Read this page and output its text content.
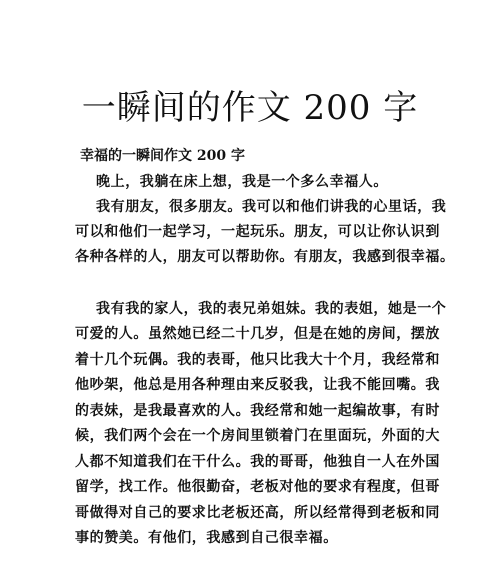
一瞬间的作文 200 字
幸福的一瞬间作文 200 字
晚上，我躺在床上想，我是一个多么幸福人。
我有朋友，很多朋友。我可以和他们讲我的心里话，我
可以和他们一起学习，一起玩乐。朋友，可以让你认识到
各种各样的人，朋友可以帮助你。有朋友，我感到很幸福。
我有我的家人，我的表兄弟姐妹。我的表姐，她是一个
可爱的人。虽然她已经二十几岁，但是在她的房间，摆放
着十几个玩偶。我的表哥，他只比我大十个月，我经常和
他吵架，他总是用各种理由来反驳我，让我不能回嘴。我
的表妹，是我最喜欢的人。我经常和她一起编故事，有时
候，我们两个会在一个房间里锁着门在里面玩，外面的大
人都不知道我们在干什么。我的哥哥，他独自一人在外国
留学，找工作。他很勤奋，老板对他的要求有程度，但哥
哥做得对自己的要求比老板还高，所以经常得到老板和同
事的赞美。有他们，我感到自己很幸福。
